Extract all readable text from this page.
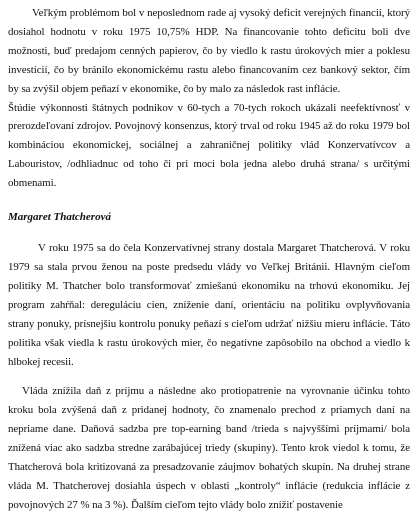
Veľkým problémom bol v neposlednom rade aj vysoký deficit verejných financií, ktorý dosiahol hodnotu v roku 1975 10,75% HDP. Na financovanie tohto deficitu boli dve možnosti, buď predajom cenných papierov, čo by viedlo k rastu úrokových mier a poklesu investícií, čo by bránilo ekonomickému rastu alebo financovaním cez bankový sektor, čím by sa zvýšil objem peňazí v ekonomike, čo by malo za následok rast inflácie.

Štúdie výkonnosti štátnych podnikov v 60-tych a 70-tych rokoch ukázali neefektívnosť v prerozdeľovaní zdrojov. Povojnový konsenzus, ktorý trval od roku 1945 až do roku 1979 bol kombináciou ekonomickej, sociálnej a zahraničnej politiky vlád Konzervatívcov a Labouristov, /odhliadnuc od toho či pri moci bola jedna alebo druhá strana/ s určitými obmenami.

Margaret Thatcherová

V roku 1975 sa do čela Konzervatívnej strany dostala Margaret Thatcherová. V roku 1979 sa stala prvou ženou na poste predsedu vlády vo Veľkej Británii. Hlavným cieľom politiky M. Thatcher bolo transformovať zmiešanú ekonomiku na trhovú ekonomiku. Jej program zahŕňal: dereguláciu cien, zníženie daní, orientáciu na politiku ovplyvňovania strany ponuky, prísnejšiu kontrolu ponuky peňazí s cieľom udržať nižšiu mieru inflácie. Táto politika však viedla k rastu úrokových mier, čo negatívne zapôsobilo na obchod a viedlo k hlbokej recesii.

Vláda znížila daň z príjmu a následne ako protiopatrenie na vyrovnanie účinku tohto kroku bola zvýšená daň z pridanej hodnoty, čo znamenalo prechod z priamych daní na nepriame dane. Daňová sadzba pre top-earning band /trieda s najvyššími príjmami/ bola znížená viac ako sadzba stredne zarábajúcej triedy (skupiny). Tento krok viedol k tomu, že Thatcherová bola kritizovaná za presadzovanie záujmov bohatých skupín. Na druhej strane vláda M. Thatcherovej dosiahla úspech v oblasti „kontroly“ inflácie (redukcia inflácie z povojnových 27 % na 3 %). Ďalším cieľom tejto vlády bolo znížiť postavenie
